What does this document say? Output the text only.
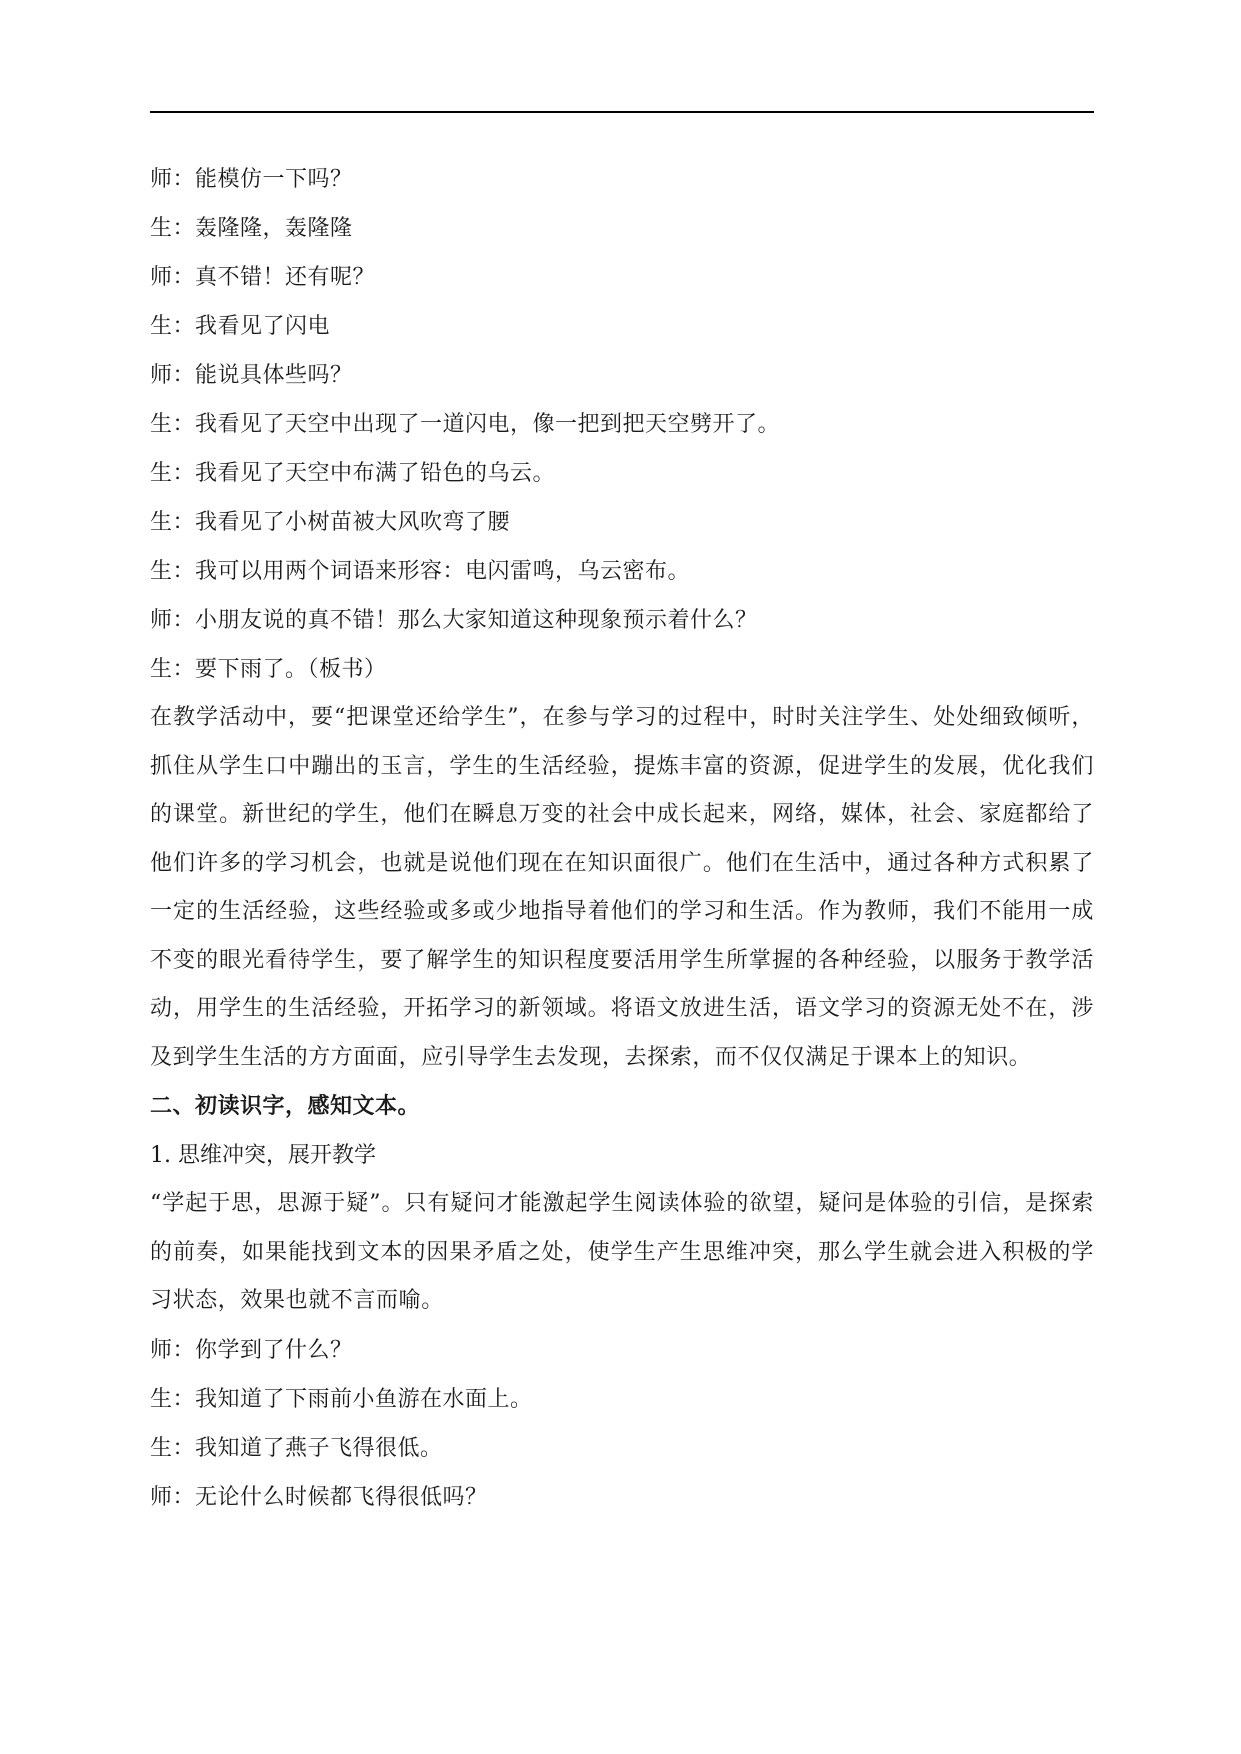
师：能模仿一下吗？
生：轰隆隆，轰隆隆
师：真不错！还有呢？
生：我看见了闪电
师：能说具体些吗？
生：我看见了天空中出现了一道闪电，像一把到把天空劈开了。
生：我看见了天空中布满了铅色的乌云。
生：我看见了小树苗被大风吹弯了腰
生：我可以用两个词语来形容：电闪雷鸣，乌云密布。
师：小朋友说的真不错！那么大家知道这种现象预示着什么？
生：要下雨了。（板书）
在教学活动中，要“把课堂还给学生”，在参与学习的过程中，时时关注学生、处处细致倾听，抓住从学生口中蹦出的玉言，学生的生活经验，提炼丰富的资源，促进学生的发展，优化我们的课堂。新世纪的学生，他们在瞬息万变的社会中成长起来，网络，媒体，社会、家庭都给了他们许多的学习机会，也就是说他们现在在知识面很广。他们在生活中，通过各种方式积累了一定的生活经验，这些经验或多或少地指导着他们的学习和生活。作为教师，我们不能用一成不变的眼光看待学生，要了解学生的知识程度要活用学生所掌握的各种经验，以服务于教学活动，用学生的生活经验，开拓学习的新领域。将语文放进生活，语文学习的资源无处不在，涉及到学生生活的方方面面，应引导学生去发现，去探索，而不仅仅满足于课本上的知识。
二、初读识字，感知文本。
1. 思维冲突，展开教学
“学起于思，思源于疑”。只有疑问才能激起学生阅读体验的欲望，疑问是体验的引信，是探索的前奏，如果能找到文本的因果矛盾之处，使学生产生思维冲突，那么学生就会进入积极的学习状态，效果也就不言而喻。
师：你学到了什么？
生：我知道了下雨前小鱼游在水面上。
生：我知道了燕子飞得很低。
师：无论什么时候都飞得很低吗？
